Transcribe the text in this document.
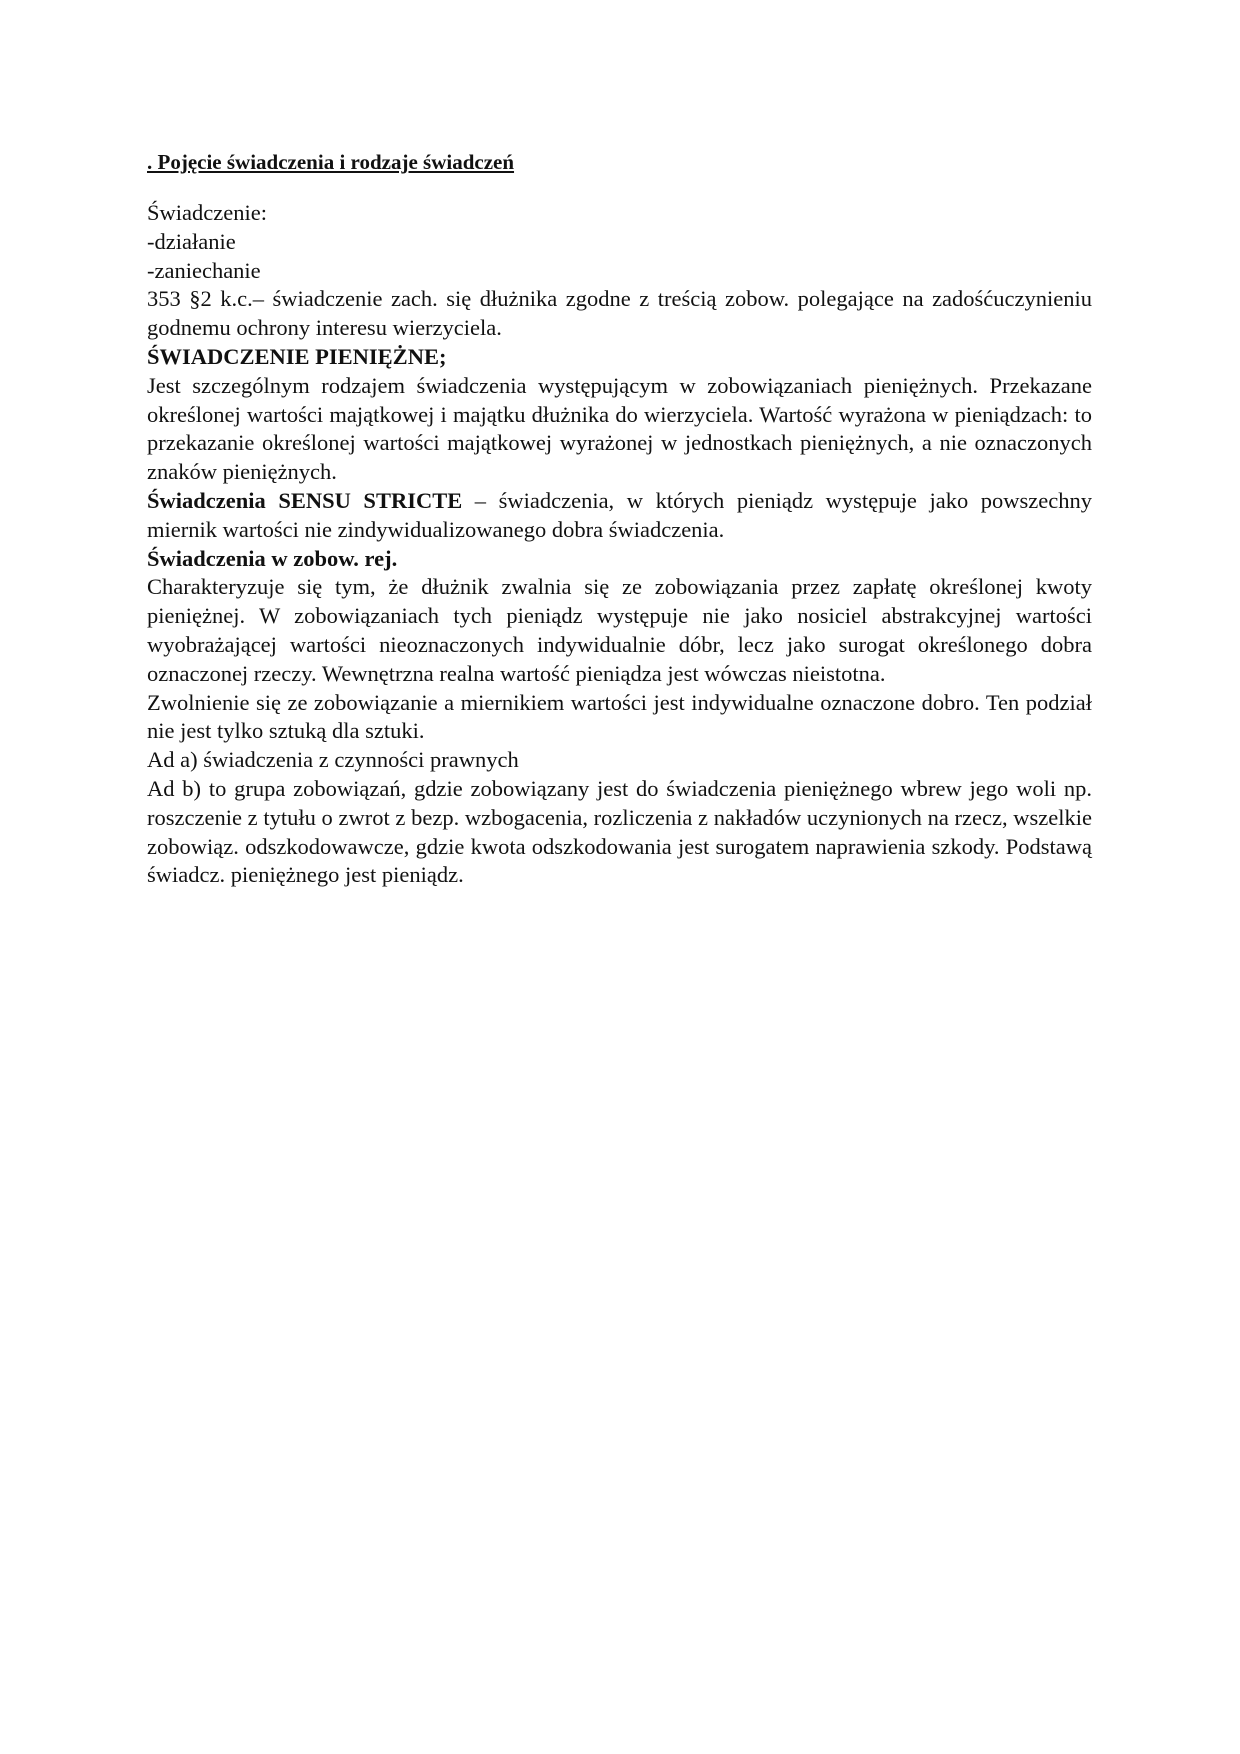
. Pojęcie świadczenia i rodzaje świadczeń

Świadczenie:

-działanie

-zaniechanie

353 §2 k.c.– świadczenie zach. się dłużnika zgodne z treścią zobow. polegające na zadośćuczynieniu godnemu ochrony interesu wierzyciela.

ŚWIADCZENIE PIENIĘŻNE;

Jest szczególnym rodzajem świadczenia występującym w zobowiązaniach pieniężnych. Przekazane określonej wartości majątkowej i majątku dłużnika do wierzyciela. Wartość wyrażona w pieniądzach: to przekazanie określonej wartości majątkowej wyrażonej w jednostkach pieniężnych, a nie oznaczonych znaków pieniężnych.

Świadczenia SENSU STRICTE – świadczenia, w których pieniądz występuje jako powszechny miernik wartości nie zindywidualizowanego dobra świadczenia.

Świadczenia w zobow. rej.

Charakteryzuje się tym, że dłużnik zwalnia się ze zobowiązania przez zapłatę określonej kwoty pieniężnej. W zobowiązaniach tych pieniądz występuje nie jako nosiciel abstrakcyjnej wartości wyobrażającej wartości nieoznaczonych indywidualnie dóbr, lecz jako surogat określonego dobra oznaczonej rzeczy. Wewnętrzna realna wartość pieniądza jest wówczas nieistotna.

Zwolnienie się ze zobowiązanie a miernikiem wartości jest indywidualne oznaczone dobro. Ten podział nie jest tylko sztuką dla sztuki.

Ad a) świadczenia z czynności prawnych

Ad b) to grupa zobowiązań, gdzie zobowiązany jest do świadczenia pieniężnego wbrew jego woli np. roszczenie z tytułu o zwrot z bezp. wzbogacenia, rozliczenia z nakładów uczynionych na rzecz, wszelkie zobowiąz. odszkodowawcze, gdzie kwota odszkodowania jest surogatem naprawienia szkody. Podstawą świadcz. pieniężnego jest pieniądz.
